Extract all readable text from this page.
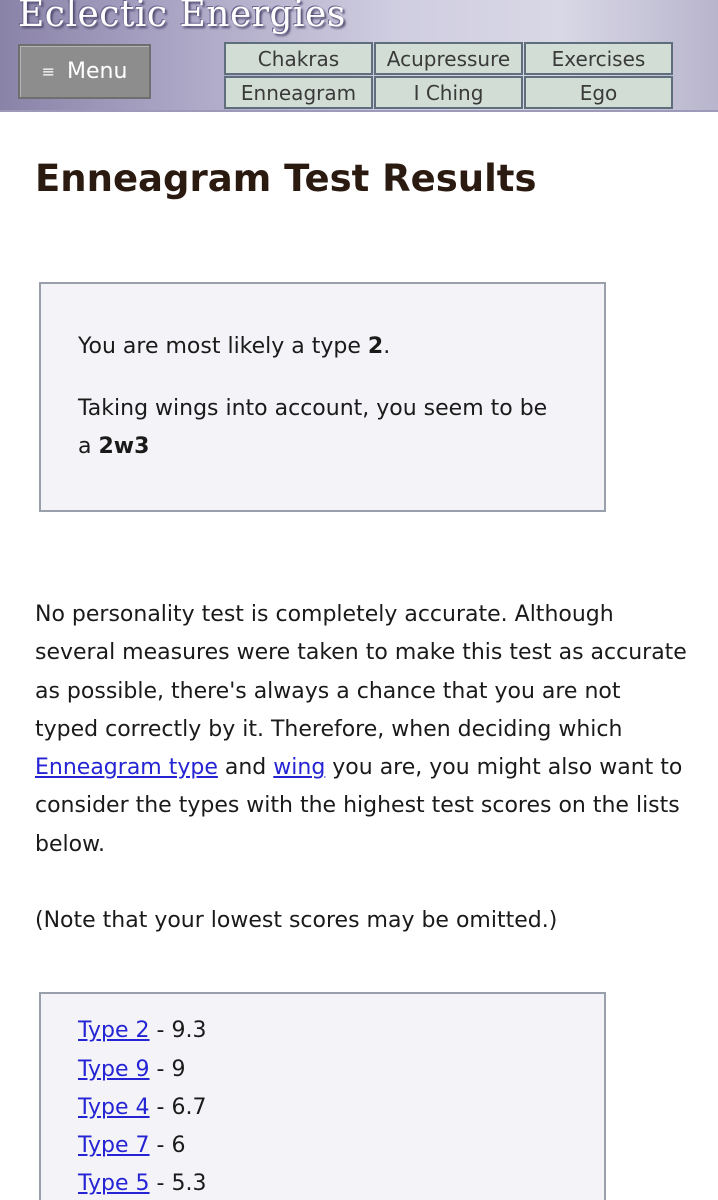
Eclectic Energies
≡ Menu
Chakras	Acupressure	Exercises
Enneagram	I Ching	Ego
Enneagram Test Results

You are most likely a type 2.

Taking wings into account, you seem to be a 2w3

No personality test is completely accurate. Although several measures were taken to make this test as accurate as possible, there's always a chance that you are not typed correctly by it. Therefore, when deciding which Enneagram type and wing you are, you might also want to consider the types with the highest test scores on the lists below.

(Note that your lowest scores may be omitted.)

Type 2 - 9.3
Type 9 - 9
Type 4 - 6.7
Type 7 - 6
Type 5 - 5.3
